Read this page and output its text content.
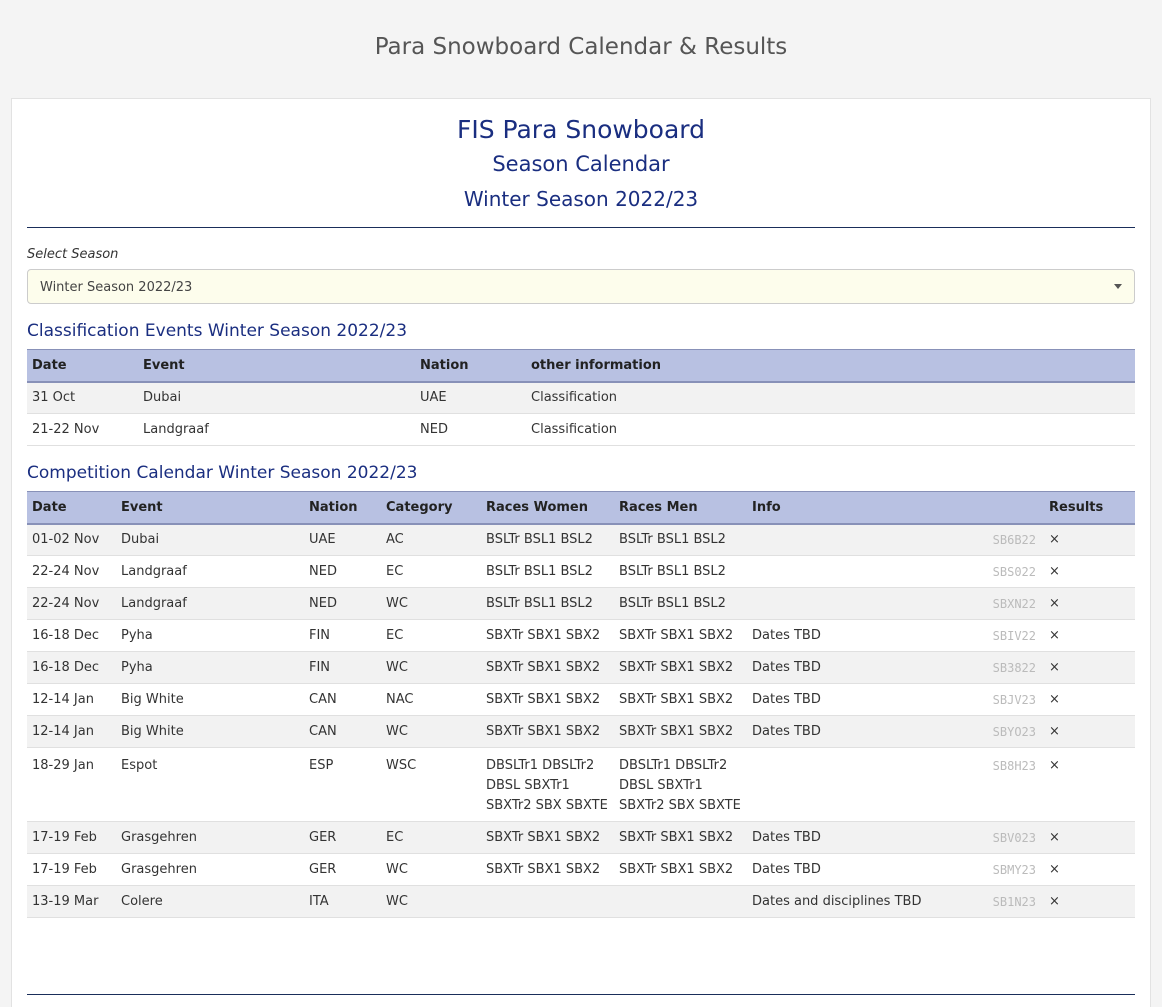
Para Snowboard Calendar & Results
FIS Para Snowboard
Season Calendar
Winter Season 2022/23
Select Season
Winter Season 2022/23
Classification Events Winter Season 2022/23
Date	Event	Nation	other information
31 Oct	Dubai	UAE	Classification
21-22 Nov	Landgraaf	NED	Classification
Competition Calendar Winter Season 2022/23
Date	Event	Nation	Category	Races Women	Races Men	Info		Results
01-02 Nov	Dubai	UAE	AC	BSLTr BSL1 BSL2	BSLTr BSL1 BSL2		SB6B22	×
22-24 Nov	Landgraaf	NED	EC	BSLTr BSL1 BSL2	BSLTr BSL1 BSL2		SBS022	×
22-24 Nov	Landgraaf	NED	WC	BSLTr BSL1 BSL2	BSLTr BSL1 BSL2		SBXN22	×
16-18 Dec	Pyha	FIN	EC	SBXTr SBX1 SBX2	SBXTr SBX1 SBX2	Dates TBD	SBIV22	×
16-18 Dec	Pyha	FIN	WC	SBXTr SBX1 SBX2	SBXTr SBX1 SBX2	Dates TBD	SB3822	×
12-14 Jan	Big White	CAN	NAC	SBXTr SBX1 SBX2	SBXTr SBX1 SBX2	Dates TBD	SBJV23	×
12-14 Jan	Big White	CAN	WC	SBXTr SBX1 SBX2	SBXTr SBX1 SBX2	Dates TBD	SBYO23	×
18-29 Jan	Espot	ESP	WSC	DBSLTr1 DBSLTr2 DBSL SBXTr1 SBXTr2 SBX SBXTE	DBSLTr1 DBSLTr2 DBSL SBXTr1 SBXTr2 SBX SBXTE		SB8H23	×
17-19 Feb	Grasgehren	GER	EC	SBXTr SBX1 SBX2	SBXTr SBX1 SBX2	Dates TBD	SBV023	×
17-19 Feb	Grasgehren	GER	WC	SBXTr SBX1 SBX2	SBXTr SBX1 SBX2	Dates TBD	SBMY23	×
13-19 Mar	Colere	ITA	WC			Dates and disciplines TBD	SB1N23	×
